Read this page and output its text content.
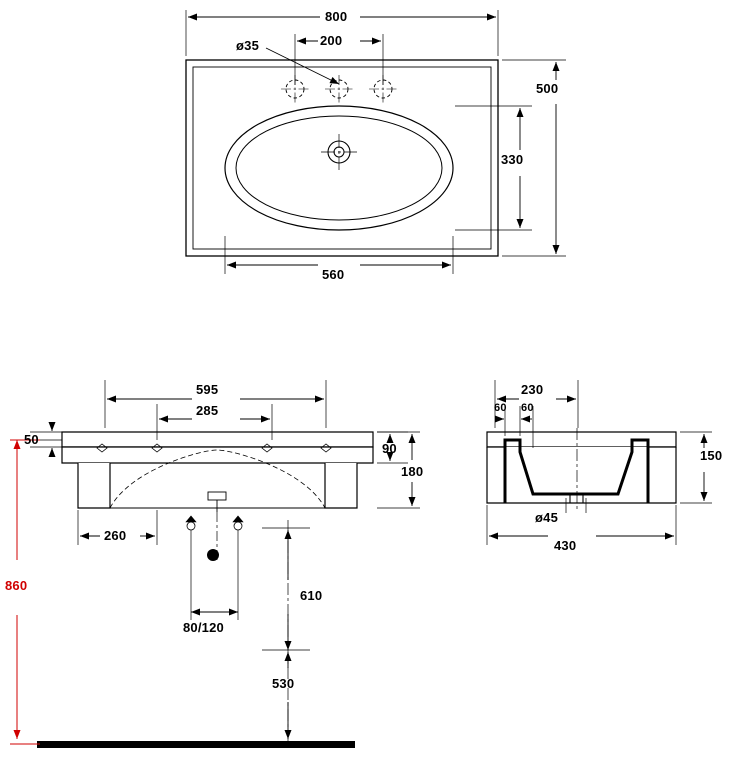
800
ø35	200
500
330
560
595
285
50
90
180
260
80/120
610
530
860
230
60 60
150
ø45
430
